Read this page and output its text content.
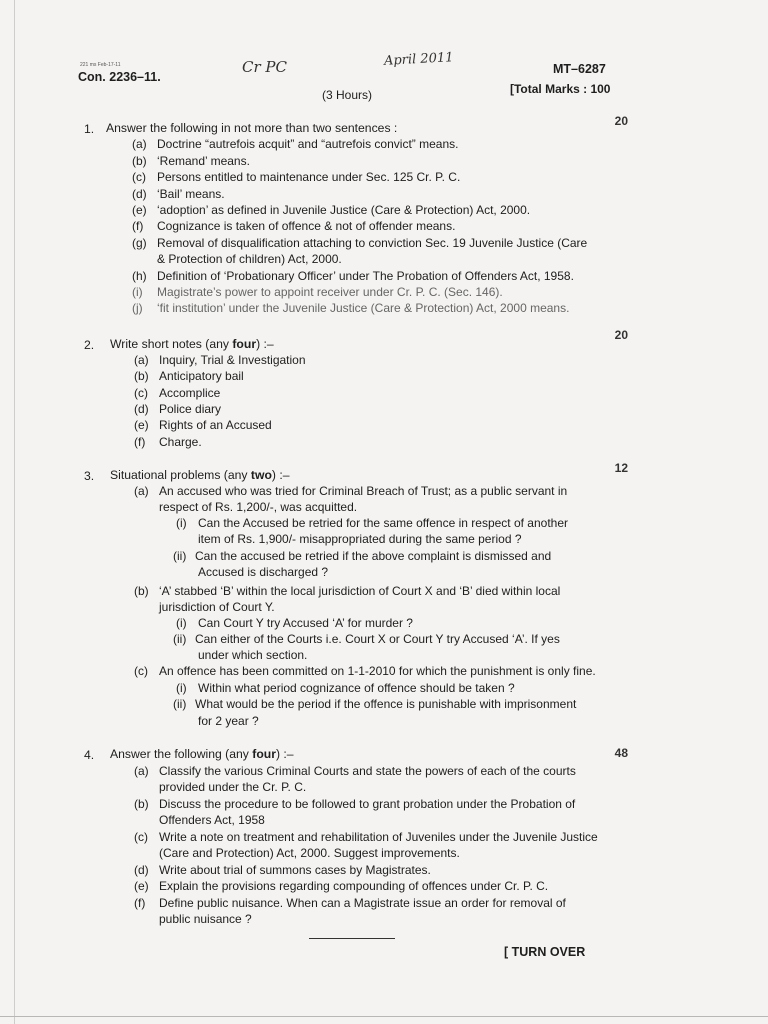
221 ms Feb-17-11
Con. 2236–11.
Cr PC	April 2011
MT–6287
(3 Hours)	[Total Marks : 100
1. Answer the following in not more than two sentences :	20
(a) Doctrine “autrefois acquit” and “autrefois convict” means.
(b) ‘Remand’ means.
(c) Persons entitled to maintenance under Sec. 125 Cr. P. C.
(d) ‘Bail’ means.
(e) ‘adoption’ as defined in Juvenile Justice (Care & Protection) Act, 2000.
(f) Cognizance is taken of offence & not of offender means.
(g) Removal of disqualification attaching to conviction Sec. 19 Juvenile Justice (Care
& Protection of children) Act, 2000.
(h) Definition of ‘Probationary Officer’ under The Probation of Offenders Act, 1958.
(i) Magistrate’s power to appoint receiver under Cr. P. C. (Sec. 146).
(j) ‘fit institution’ under the Juvenile Justice (Care & Protection) Act, 2000 means.
2. Write short notes (any four) :–
20
(a) Inquiry, Trial & Investigation
(b) Anticipatory bail
(c) Accomplice
(d) Police diary
(e) Rights of an Accused
(f) Charge.
3. Situational problems (any two) :–	12
(a) An accused who was tried for Criminal Breach of Trust; as a public servant in
respect of Rs. 1,200/-, was acquitted.
(i) Can the Accused be retried for the same offence in respect of another
item of Rs. 1,900/- misappropriated during the same period ?
(ii) Can the accused be retried if the above complaint is dismissed and
Accused is discharged ?
(b) ‘A’ stabbed ‘B’ within the local jurisdiction of Court X and ‘B’ died within local
jurisdiction of Court Y.
(i) Can Court Y try Accused ‘A’ for murder ?
(ii) Can either of the Courts i.e. Court X or Court Y try Accused ‘A’. If yes
under which section.
(c) An offence has been committed on 1-1-2010 for which the punishment is only fine.
(i) Within what period cognizance of offence should be taken ?
(ii) What would be the period if the offence is punishable with imprisonment
for 2 year ?
4. Answer the following (any four) :–	48
(a) Classify the various Criminal Courts and state the powers of each of the courts
provided under the Cr. P. C.
(b) Discuss the procedure to be followed to grant probation under the Probation of
Offenders Act, 1958
(c) Write a note on treatment and rehabilitation of Juveniles under the Juvenile Justice
(Care and Protection) Act, 2000. Suggest improvements.
(d) Write about trial of summons cases by Magistrates.
(e) Explain the provisions regarding compounding of offences under Cr. P. C.
(f) Define public nuisance. When can a Magistrate issue an order for removal of
public nuisance ?
[ TURN OVER
